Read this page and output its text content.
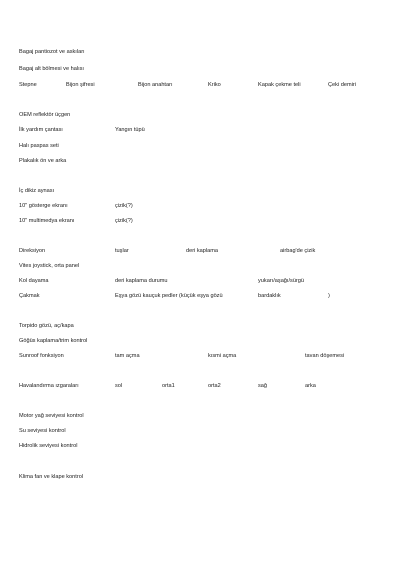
Bagaj pantiozot ve askıları
Bagaj alt bölmesi ve halısı
Stepne	Bijon şifresi	Bijon anahtarı	Kriko	Kapak çekme teli	Çeki demiri
OEM reflektör üçgen
İlk yardım çantası	Yangın tüpü
Halı paspas seti
Plakalık ön ve arka
İç dikiz aynası
10" gösterge ekranı	çizik(?)
10" multimedya ekranı	çizik(?)
Direksiyon	tuşlar	deri kaplama	airbag'de çizik
Vites joystick, orta panel
Kol dayama	deri kaplama durumu	yukarı/aşağı/sürgü
Çakmak	Eşya gözü kauçuk pedler (küçük eşya gözü	bardaklık	)
Torpido gözü, aç/kapa
Göğüs kaplama/trim kontrol
Sunroof fonksiyon	tam açma	kısmi açma	tavan döşemesi
Havalandırma ızgaraları	sol	orta1	orta2	sağ	arka
Motor yağ seviyesi kontrol
Su seviyesi kontrol
Hidrolik seviyesi kontrol
Klima fan ve klape kontrol
